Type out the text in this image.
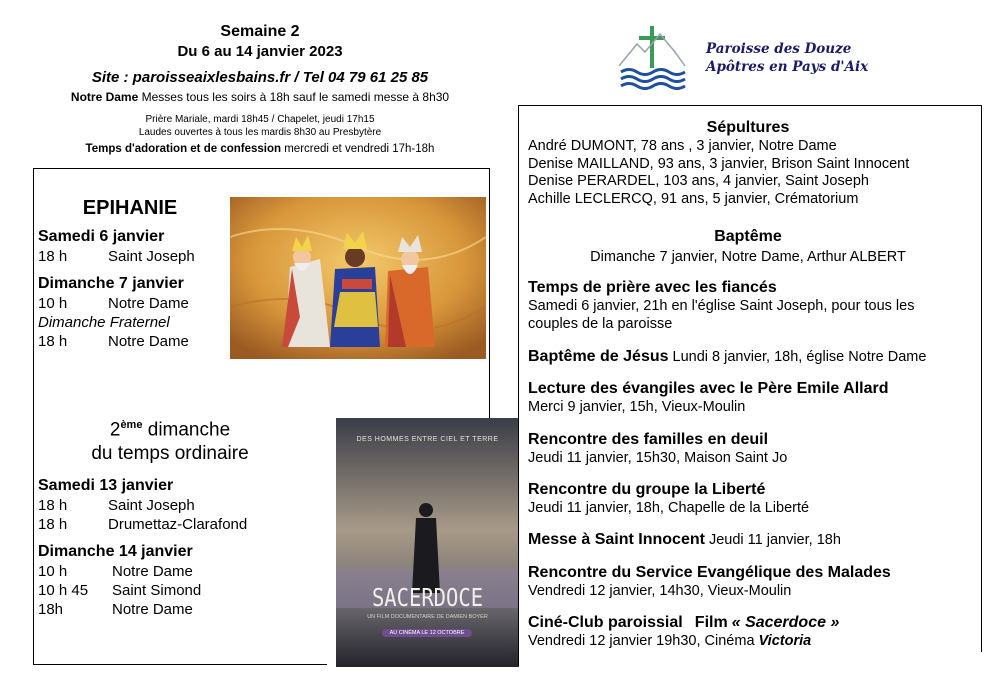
Semaine 2
Du 6 au 14 janvier 2023
Site : paroisseaixlesbains.fr / Tel 04 79 61 25 85
Notre Dame Messes tous les soirs à 18h sauf le samedi messe à 8h30
Prière Mariale, mardi 18h45 / Chapelet, jeudi 17h15
Laudes ouvertes à tous les mardis 8h30 au Presbytère
Temps d'adoration et de confession mercredi et vendredi 17h-18h
Paroisse des Douze
Apôtres en Pays d'Aix
EPIHANIE
Samedi 6 janvier
18 h	Saint Joseph
Dimanche 7 janvier
10 h	Notre Dame
Dimanche Fraternel
18 h	Notre Dame
2ème dimanche
du temps ordinaire
Samedi 13 janvier
18 h	Saint Joseph
18 h	Drumettaz-Clarafond
Dimanche 14 janvier
10 h	Notre Dame
10 h 45	Saint Simond
18h	Notre Dame
DES HOMMES ENTRE CIEL ET TERRE
SACERDOCE
UN FILM DOCUMENTAIRE DE DAMIEN BOYER
AU CINÉMA LE 12 OCTOBRE
Sépultures
André DUMONT, 78 ans , 3 janvier, Notre Dame
Denise MAILLAND, 93 ans, 3 janvier, Brison Saint Innocent
Denise PERARDEL, 103 ans, 4 janvier, Saint Joseph
Achille LECLERCQ, 91 ans, 5 janvier, Crématorium
Baptême
Dimanche 7 janvier, Notre Dame, Arthur ALBERT
Temps de prière avec les fiancés
Samedi 6 janvier, 21h en l'église Saint Joseph, pour tous les couples de la paroisse
Baptême de Jésus Lundi 8 janvier, 18h, église Notre Dame
Lecture des évangiles avec le Père Emile Allard
Merci 9 janvier, 15h, Vieux-Moulin
Rencontre des familles en deuil
Jeudi 11 janvier, 15h30, Maison Saint Jo
Rencontre du groupe la Liberté
Jeudi 11 janvier, 18h, Chapelle de la Liberté
Messe à Saint Innocent Jeudi 11 janvier, 18h
Rencontre du Service Evangélique des Malades
Vendredi 12 janvier, 14h30, Vieux-Moulin
Ciné-Club paroissial Film « Sacerdoce »
Vendredi 12 janvier 19h30, Cinéma Victoria
